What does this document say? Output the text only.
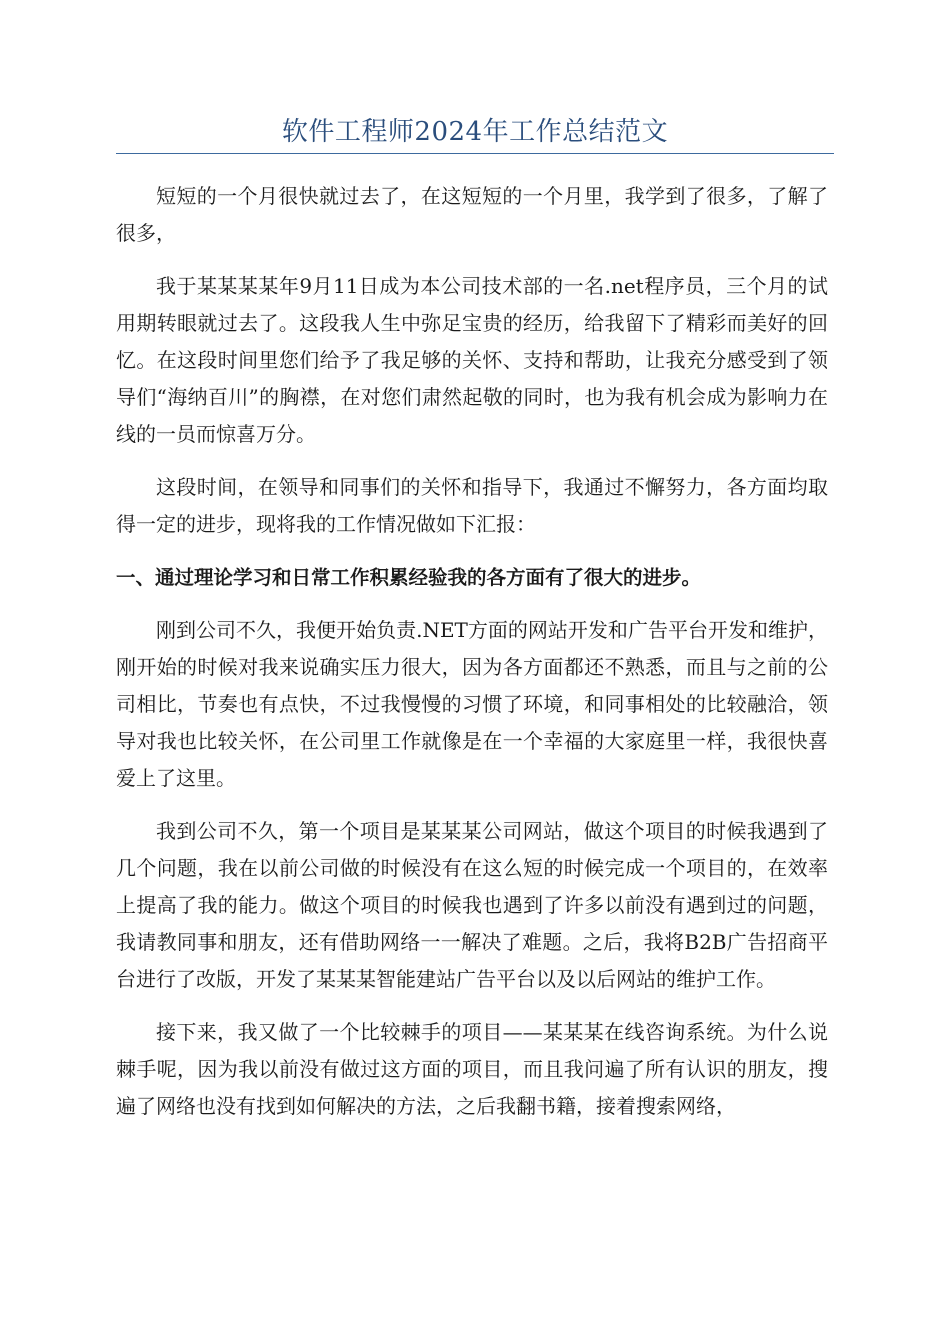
软件工程师2024年工作总结范文

短短的一个月很快就过去了，在这短短的一个月里，我学到了很多，了解了很多，

我于某某某某年9月11日成为本公司技术部的一名.net程序员，三个月的试用期转眼就过去了。这段我人生中弥足宝贵的经历，给我留下了精彩而美好的回忆。在这段时间里您们给予了我足够的关怀、支持和帮助，让我充分感受到了领导们“海纳百川”的胸襟，在对您们肃然起敬的同时，也为我有机会成为影响力在线的一员而惊喜万分。

这段时间，在领导和同事们的关怀和指导下，我通过不懈努力，各方面均取得一定的进步，现将我的工作情况做如下汇报：

一、通过理论学习和日常工作积累经验我的各方面有了很大的进步。

刚到公司不久，我便开始负责.NET方面的网站开发和广告平台开发和维护，刚开始的时候对我来说确实压力很大，因为各方面都还不熟悉，而且与之前的公司相比，节奏也有点快，不过我慢慢的习惯了环境，和同事相处的比较融洽，领导对我也比较关怀，在公司里工作就像是在一个幸福的大家庭里一样，我很快喜爱上了这里。

我到公司不久，第一个项目是某某某公司网站，做这个项目的时候我遇到了几个问题，我在以前公司做的时候没有在这么短的时候完成一个项目的，在效率上提高了我的能力。做这个项目的时候我也遇到了许多以前没有遇到过的问题，我请教同事和朋友，还有借助网络一一解决了难题。之后，我将B2B广告招商平台进行了改版，开发了某某某智能建站广告平台以及以后网站的维护工作。

接下来，我又做了一个比较棘手的项目——某某某在线咨询系统。为什么说棘手呢，因为我以前没有做过这方面的项目，而且我问遍了所有认识的朋友，搜遍了网络也没有找到如何解决的方法，之后我翻书籍，接着搜索网络，
